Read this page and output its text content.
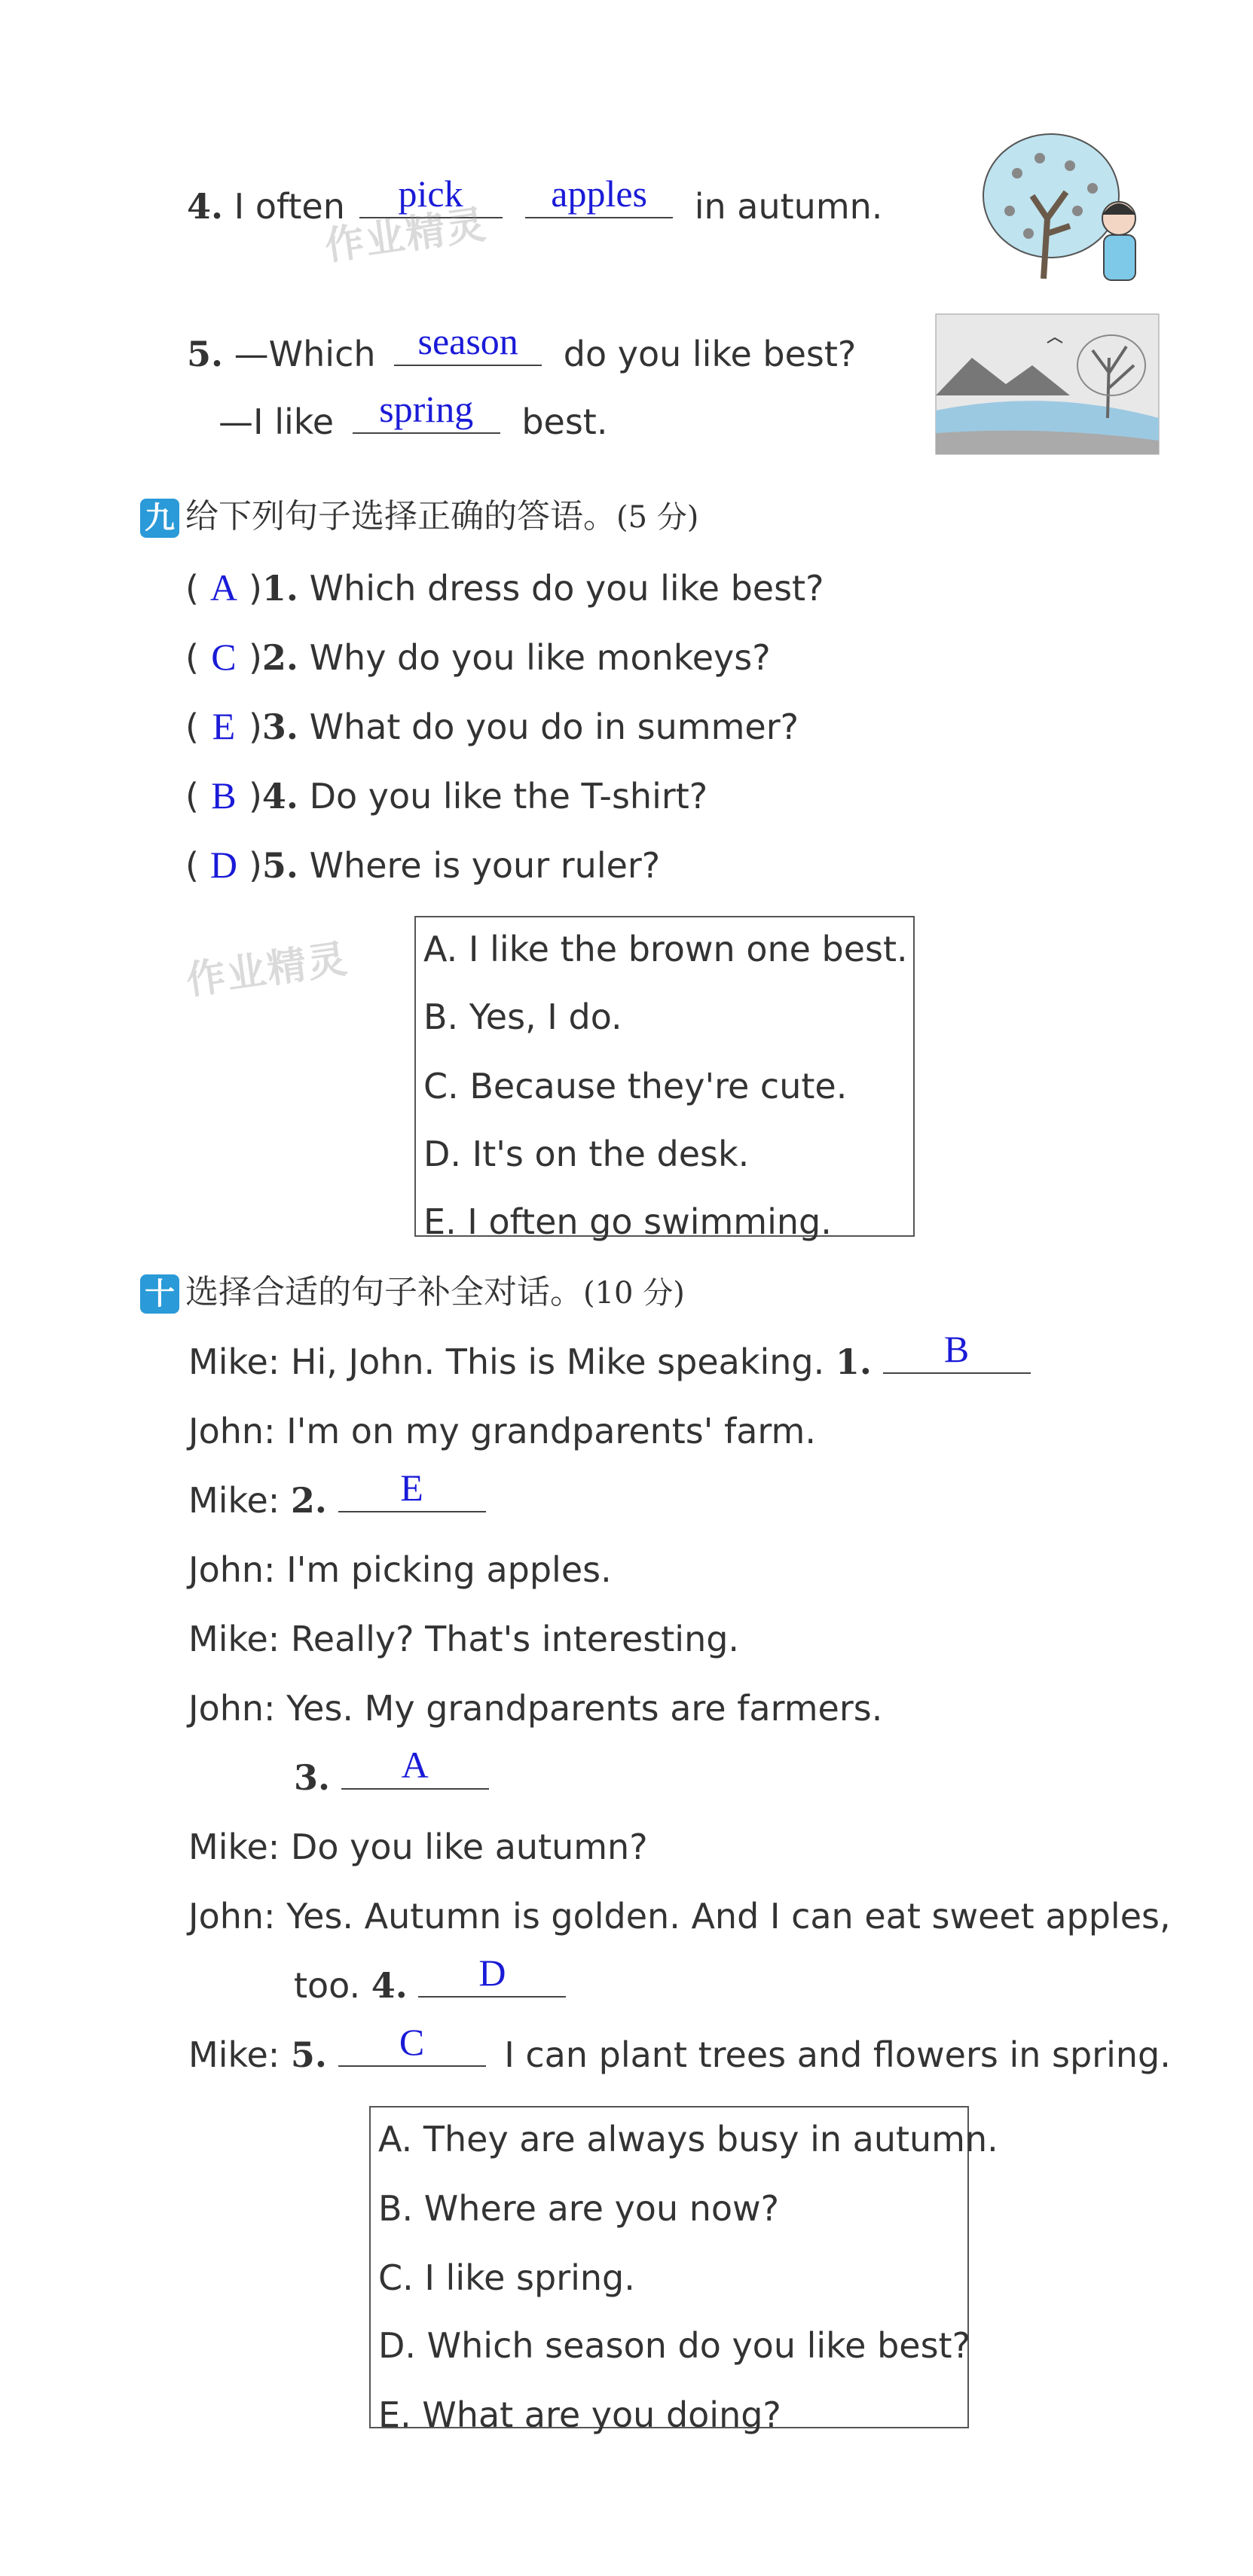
4. I often	pick
	apples	in autumn.
作业精灵
5. —Which	season	do you like best?
—I like	spring	best.
九 给下列句子选择正确的答语。(5 分)
( A )1. Which dress do you like best?
( C )2. Why do you like monkeys?
( E )3. What do you do in summer?
( B )4. Do you like the T-shirt?
( D )5. Where is your ruler?
作业精灵 A. I like the brown one best.
B. Yes, I do.
C. Because they're cute.
D. It's on the desk.
E. I often go swimming.
十 选择合适的句子补全对话。(10 分)
Mike: Hi, John. This is Mike speaking. 1.	B
John: I'm on my grandparents' farm.
Mike: 2.	E
John: I'm picking apples.
Mike: Really? That's interesting.
John: Yes. My grandparents are farmers.
3.	A
Mike: Do you like autumn?
John: Yes. Autumn is golden. And I can eat sweet apples,
too. 4.	D
Mike: 5.	C	I can plant trees and flowers in spring.
A. They are always busy in autumn.
B. Where are you now?
C. I like spring.
D. Which season do you like best?
E. What are you doing?
